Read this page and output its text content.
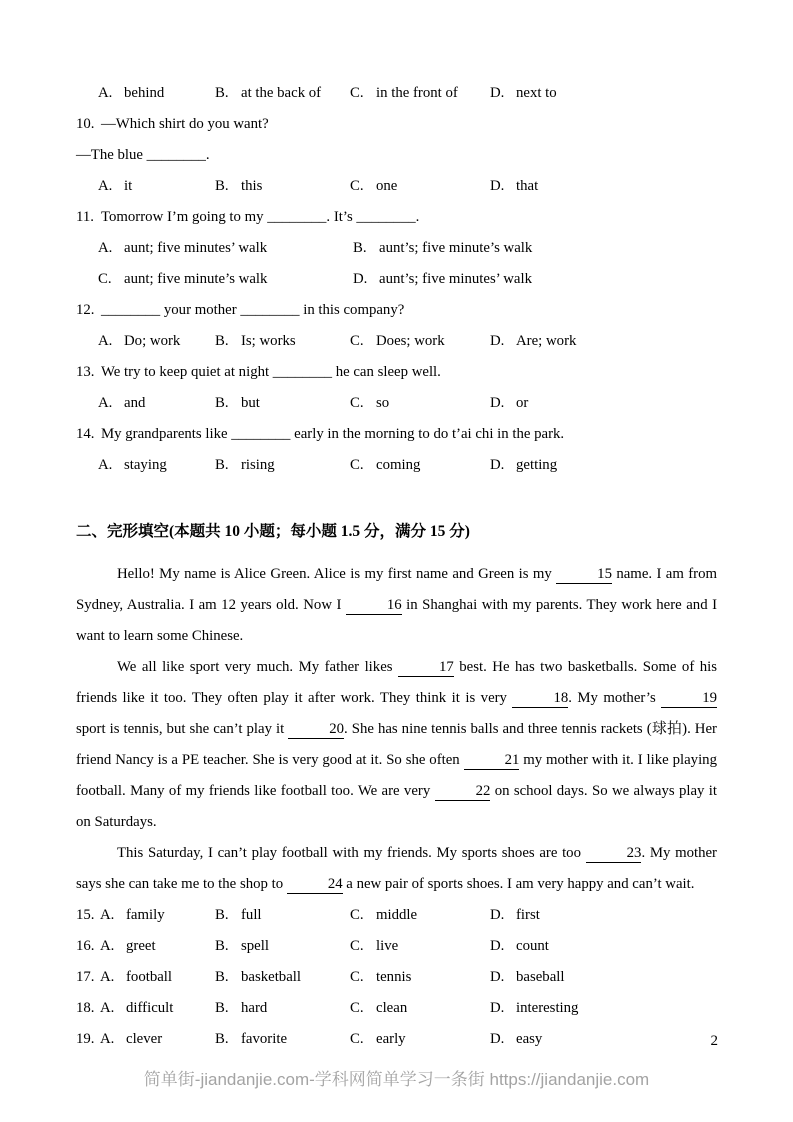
A. behind	B. at the back of C. in the front of D. next to
10. —Which shirt do you want?
—The blue ________.
A. it	B. this	C. one	D. that
11. Tomorrow I’m going to my ________. It’s ________.
A. aunt; five minutes’ walk	B. aunt’s; five minute’s walk
C. aunt; five minute’s walk	D. aunt’s; five minutes’ walk
12. ________ your mother ________ in this company?
A. Do; work B. Is; works	C. Does; work	D. Are; work
13. We try to keep quiet at night ________ he can sleep well.
A. and	B. but	C. so	D. or
14. My grandparents like ________ early in the morning to do t’ai chi in the park.
A. staying	B. rising	C. coming	D. getting
二、完形填空(本题共 10 小题；每小题 1.5 分，满分 15 分)

Hello! My name is Alice Green. Alice is my first name and Green is my	15 name. I am from Sydney, Australia. I am 12 years old. Now I	16 in Shanghai with my parents. They work here and I want to learn some Chinese.

We all like sport very much. My father likes	17 best. He has two basketballs. Some of his friends like it too. They often play it after work. They think it is very	18. My mother’s	19 sport is tennis, but she can’t play it	20. She has nine tennis balls and three tennis rackets (球拍). Her friend Nancy is a PE teacher. She is very good at it. So she often	21 my mother with it. I like playing football. Many of my friends like football too. We are very	22 on school days. So we always play it on Saturdays.

This Saturday, I can’t play football with my friends. My sports shoes are too	23. My mother says she can take me to the shop to	24 a new pair of sports shoes. I am very happy and can’t wait.

15. A. family	B. full	C. middle	D. first
16. A. greet	B. spell	C. live	D. count
17. A. football	B. basketball	C. tennis	D. baseball
18. A. difficult	B. hard	C. clean	D. interesting
19. A. clever	B. favorite	C. early	D. easy	2
简单街-jiandanjie.com-学科网简单学习一条街 https://jiandanjie.com
